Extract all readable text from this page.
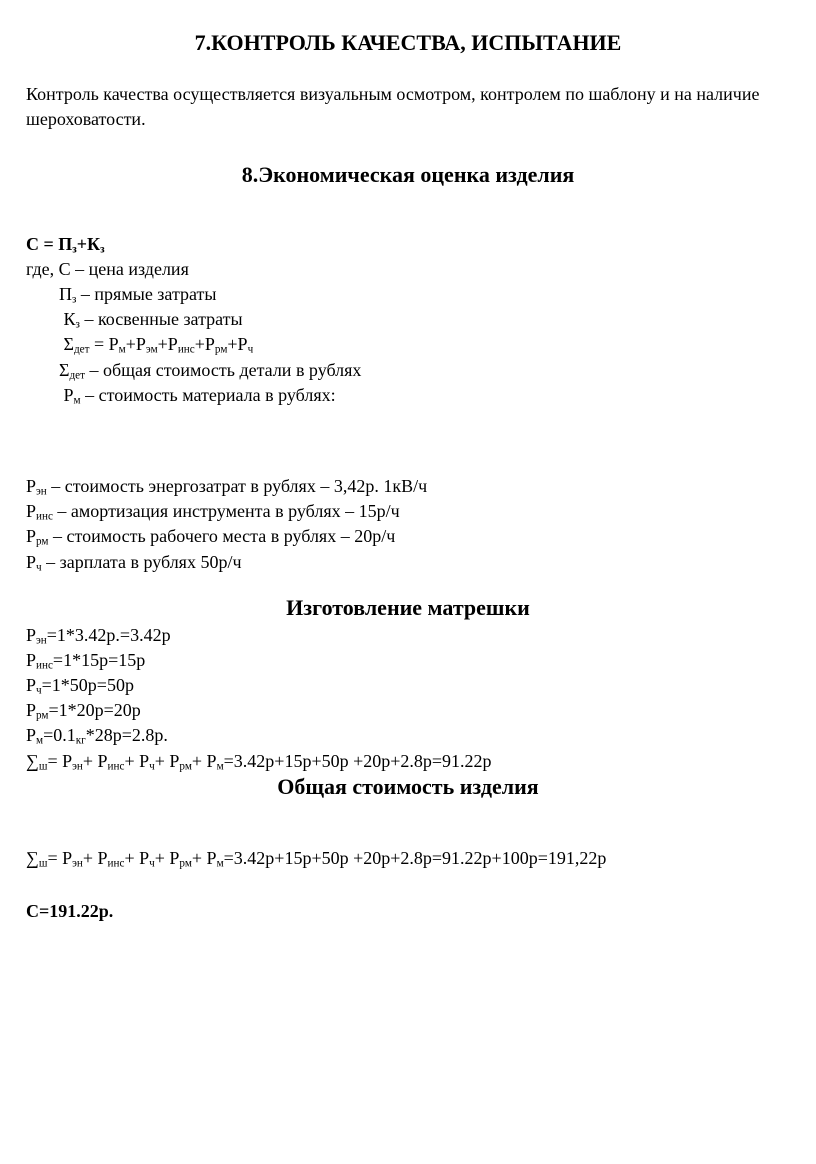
7.КОНТРОЛЬ КАЧЕСТВА, ИСПЫТАНИЕ

Контроль качества осуществляется визуальным осмотром, контролем по шаблону и на наличие шероховатости.

8.Экономическая оценка изделия

$С = П_з+К_з$

где, С – цена изделия

$П_з$ – прямые затраты

$К_з$ – косвенные затраты

$\Sigma_{дет} = Р_м+Р_{эм}+Р_{инс}+Р_{рм}+Р_ч$

$\Sigma_{дет}$ – общая стоимость детали в рублях

$Р_м$ – стоимость материала в рублях:

$Р_{эн}$ – стоимость энергозатрат в рублях – 3,42р. 1кВ/ч

$Р_{инс}$ – амортизация инструмента в рублях – 15р/ч

$Р_{рм}$ – стоимость рабочего места в рублях – 20р/ч

$Р_ч$ – зарплата в рублях 50р/ч

Изготовление матрешки

$Р_{эн}=1*3.42р.=3.42р$

$Р_{инс}=1*15р=15р$

$Р_ч=1*50р=50р$

$Р_{рм}=1*20р=20р$

$Р_м=0.1_{кг}*28р=2.8р$.

$\sum_ш= Р_{эн}+ Р_{инс}+ Р_ч+ Р_{рм}+ Р_м=3.42р+15р+50р +20р+2.8р=91.22р$

Общая стоимость изделия

$\sum_ш= Р_{эн}+ Р_{инс}+ Р_ч+ Р_{рм}+ Р_м=3.42р+15р+50р +20р+2.8р=91.22р+100р=191,22р$

С=191.22р.
